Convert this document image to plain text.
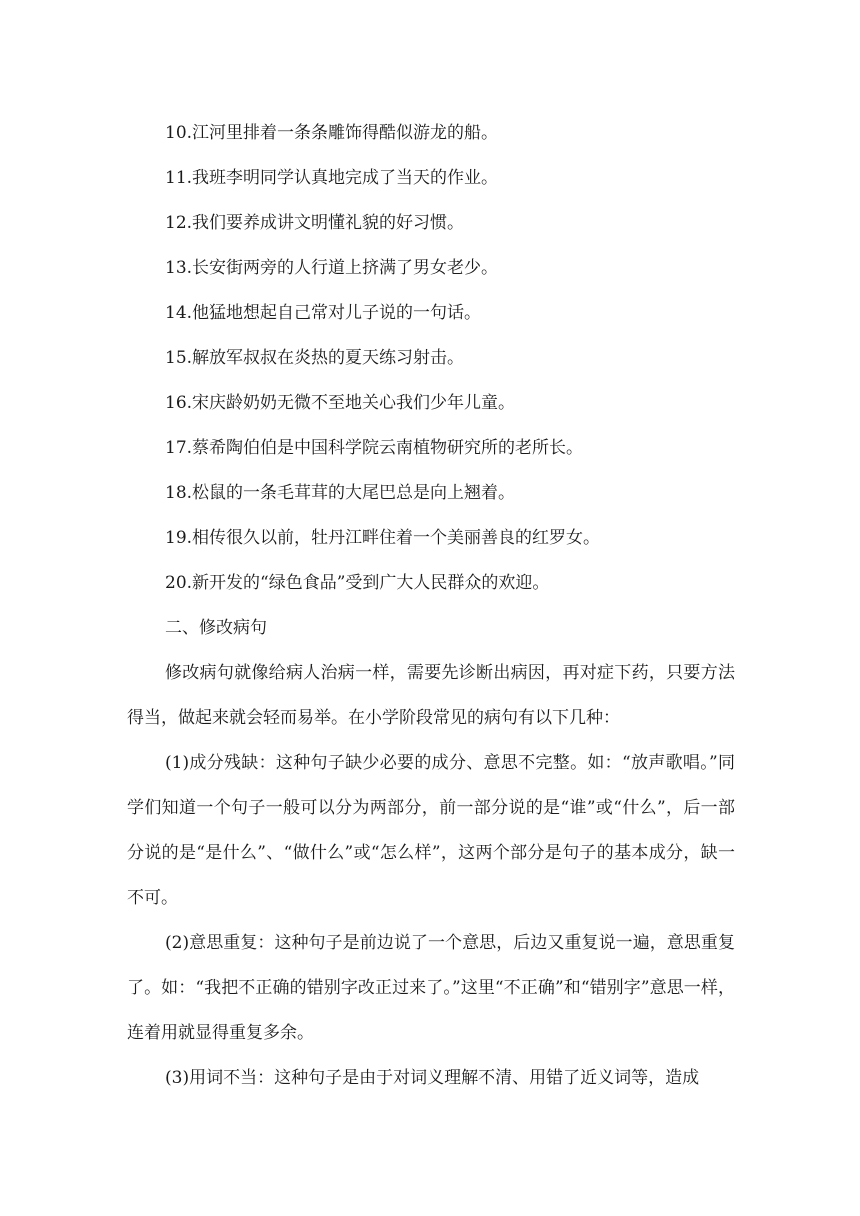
10.江河里排着一条条雕饰得酷似游龙的船。

11.我班李明同学认真地完成了当天的作业。

12.我们要养成讲文明懂礼貌的好习惯。

13.长安街两旁的人行道上挤满了男女老少。

14.他猛地想起自己常对儿子说的一句话。

15.解放军叔叔在炎热的夏天练习射击。

16.宋庆龄奶奶无微不至地关心我们少年儿童。

17.蔡希陶伯伯是中国科学院云南植物研究所的老所长。

18.松鼠的一条毛茸茸的大尾巴总是向上翘着。

19.相传很久以前，牡丹江畔住着一个美丽善良的红罗女。

20.新开发的“绿色食品”受到广大人民群众的欢迎。

二、修改病句

修改病句就像给病人治病一样，需要先诊断出病因，再对症下药，只要方法得当，做起来就会轻而易举。在小学阶段常见的病句有以下几种：

(1)成分残缺：这种句子缺少必要的成分、意思不完整。如：“放声歌唱。”同学们知道一个句子一般可以分为两部分，前一部分说的是“谁”或“什么”，后一部分说的是“是什么”、“做什么”或“怎么样”，这两个部分是句子的基本成分，缺一不可。

(2)意思重复：这种句子是前边说了一个意思，后边又重复说一遍，意思重复了。如：“我把不正确的错别字改正过来了。”这里“不正确”和“错别字”意思一样，连着用就显得重复多余。

(3)用词不当：这种句子是由于对词义理解不清、用错了近义词等，造成
